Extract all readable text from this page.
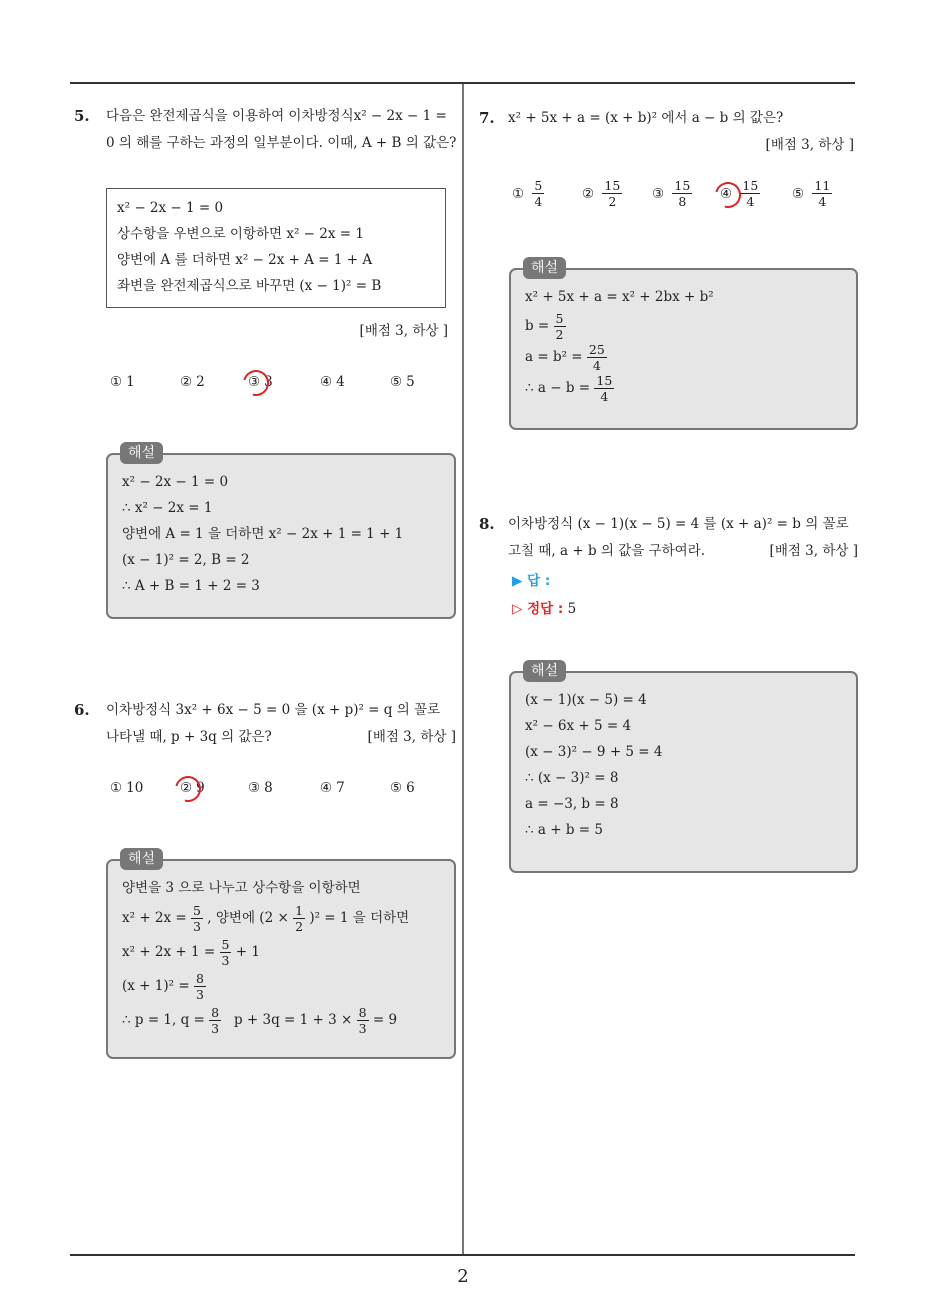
2
5. 다음은 완전제곱식을 이용하여 이차방정식x² − 2x − 1 = 0 의 해를 구하는 과정의 일부분이다. 이때, A + B 의 값은?

x² − 2x − 1 = 0
상수항을 우변으로 이항하면 x² − 2x = 1
양변에 A 를 더하면 x² − 2x + A = 1 + A
좌변을 완전제곱식으로 바꾸면 (x − 1)² = B
[배점 3, 하상 ]
① 1	② 2	③ 3	④ 4	⑤ 5
해설
x² − 2x − 1 = 0
∴ x² − 2x = 1
양변에 A = 1 을 더하면 x² − 2x + 1 = 1 + 1
(x − 1)² = 2, B = 2
∴ A + B = 1 + 2 = 3
6. 이차방정식 3x² + 6x − 5 = 0 을 (x + p)² = q 의 꼴로
나타낼 때, p + 3q 의 값은?	[배점 3, 하상 ]
① 10	② 9	③ 8	④ 7	⑤ 6
해설
양변을 3 으로 나누고 상수항을 이항하면
$x^2 + 2x = \frac{5}{3}$ , 양변에 $(2 \times \frac{1}{2} )^2 = 1$ 을 더하면
$x^2 + 2x + 1 = \frac{5}{3} + 1$
$(x + 1)^2 = \frac{8}{3}$
∴ p = 1, $q = \frac{8}{3}$ $p + 3q = 1 + 3 \times \frac{8}{3} = 9$
7. x² + 5x + a = (x + b)² 에서 a − b 의 값은?
[배점 3, 하상 ]
①
$\frac{5}{4}$	②
$\frac{15}{2}$ ③
$\frac{15}{8}$ ④
$\frac{15}{4}$ ⑤
$\frac{11}{4}$
해설
x² + 5x + a = x² + 2bx + b²
$b = \frac{5}{2}$
$a = b^2 = \frac{25}{4}$
∴ $a - b = \frac{15}{4}$
8. 이차방정식 (x − 1)(x − 5) = 4 를 (x + a)² = b 의 꼴로
고칠 때, a + b 의 값을 구하여라.	[배점 3, 하상 ]
▶ 답 :
▷ 정답 : 5
해설
(x − 1)(x − 5) = 4
x² − 6x + 5 = 4
(x − 3)² − 9 + 5 = 4
∴ (x − 3)² = 8
a = −3, b = 8
∴ a + b = 5
